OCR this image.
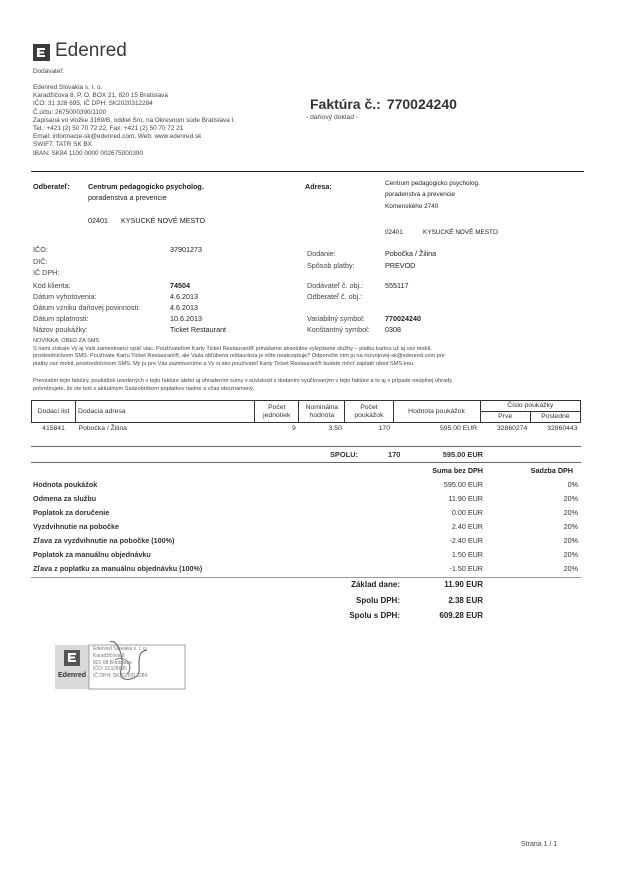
Edenred
Dodávateľ:
Edenred Slovakia s. r. o.
Karadžičova 8, P. O. BOX 21, 820 15 Bratislava
IČO: 31 328 695, IČ DPH: SK2020312284
Č.účtu: 2675000390/1100
Zapísaná vo vložke 3169/B, oddiel Sro, na Okresnom súde Bratislava I.
Tel.: +421 (2) 50 70 72 22, Fax: +421 (2) 50 70 72 21
Email: informacie-sk@edenred.com, Web: www.edenred.sk
SWIFT: TATR SK BX
IBAN: SK84 1100 0000 002675000390
Faktúra č.: 770024240
- daňový doklad -
Odberateľ:	Centrum pedagogicko psycholog.
poradenstva a prevencie
02401 KYSUCKÉ NOVÉ MESTO
Adresa:	Centrum pedagogicko psycholog.
poradenstva a prevencie
Komenského 2740
02401	KYSUCKÉ NOVÉ MESTO
IČO:	37901273
DIČ:
IČ DPH:
Dodanie:	Pobočka / Žilina
Spôsob platby:	PREVOD
Kód klienta:	74504
Dátum vyhotovenia:	4.6.2013
Dátum vzniku daňovej povinnosti:	4.6.2013
Dátum splatnosti:	10.6.2013
Názov poukážky:	Ticket Restaurant
Dodávateľ č. obj.:	555117
Odberateľ č. obj.:
Variabilný symbol:	770024240
Konštantný symbol: 0308
NOVINKA: OBED ZA SMS
S nami získate Vy aj Vaši zamestnanci opäť viac. Používateľom Karty Ticket Restaurant® prinášame absolútne vylepšenie služby – platbu kartou už aj cez mobil,
prostredníctvom SMS. Používate Kartu Ticket Restaurant®, ale Vaša obľúbená reštaurácia je ešte neakceptuje? Odporučte ním ju na rozvojovej-sk@edenred.com pre
platby cez mobil, prostredníctvom SMS. My ju pre Vás zazmluvníme a Vy si ako používateľ Karty Ticket Restaurant® budete môcť zaplatiť obed SMS-kou.
Prevzatím tejto faktúry, poukážok uvedených v tejto faktúre alebo aj uhradením sumy v súvislosti s dodaním vyúčtovaným v tejto faktúre a to aj v prípade neúplnej úhrady
potvrdzujete, že ste boli s aktuálnym Sadzobníkom poplatkov riadne a včas oboznámený.
Dodací list	Dodacia adresa	Počet jednotiek	Nominálna hodnota	Počet poukážok	Hodnota poukážok	Číslo poukážky	
						Prvé	Posledné
415841	Pobočka / Žilina	9	3.50	170	595.00 EUR	32860274	32860443
SPOLU:	170	595.00 EUR
Suma bez DPH	Sadzba DPH
Hodnota poukážok	595.00 EUR	0%
Odmena za službu	11.90 EUR	20%
Poplatok za doručenie	0.00 EUR	20%
Vyzdvihnutie na pobočke	2.40 EUR	20%
Zľava za vyzdvihnutie na pobočke (100%)	-2.40 EUR	20%
Poplatok za manuálnu objednávku	1.50 EUR	20%
Zľava z poplatku za manuálnu objednávku (100%)	-1.50 EUR	20%
Základ dane:	11.90 EUR
Spolu DPH:	2.38 EUR
Spolu s DPH:	609.28 EUR
Edenred
Edenred Slovakia s. r. o.
Karadžičova 8
821 08 Bratislava
IČO: 31328695
IČ DPH: SK2020312284
Strana 1 / 1
